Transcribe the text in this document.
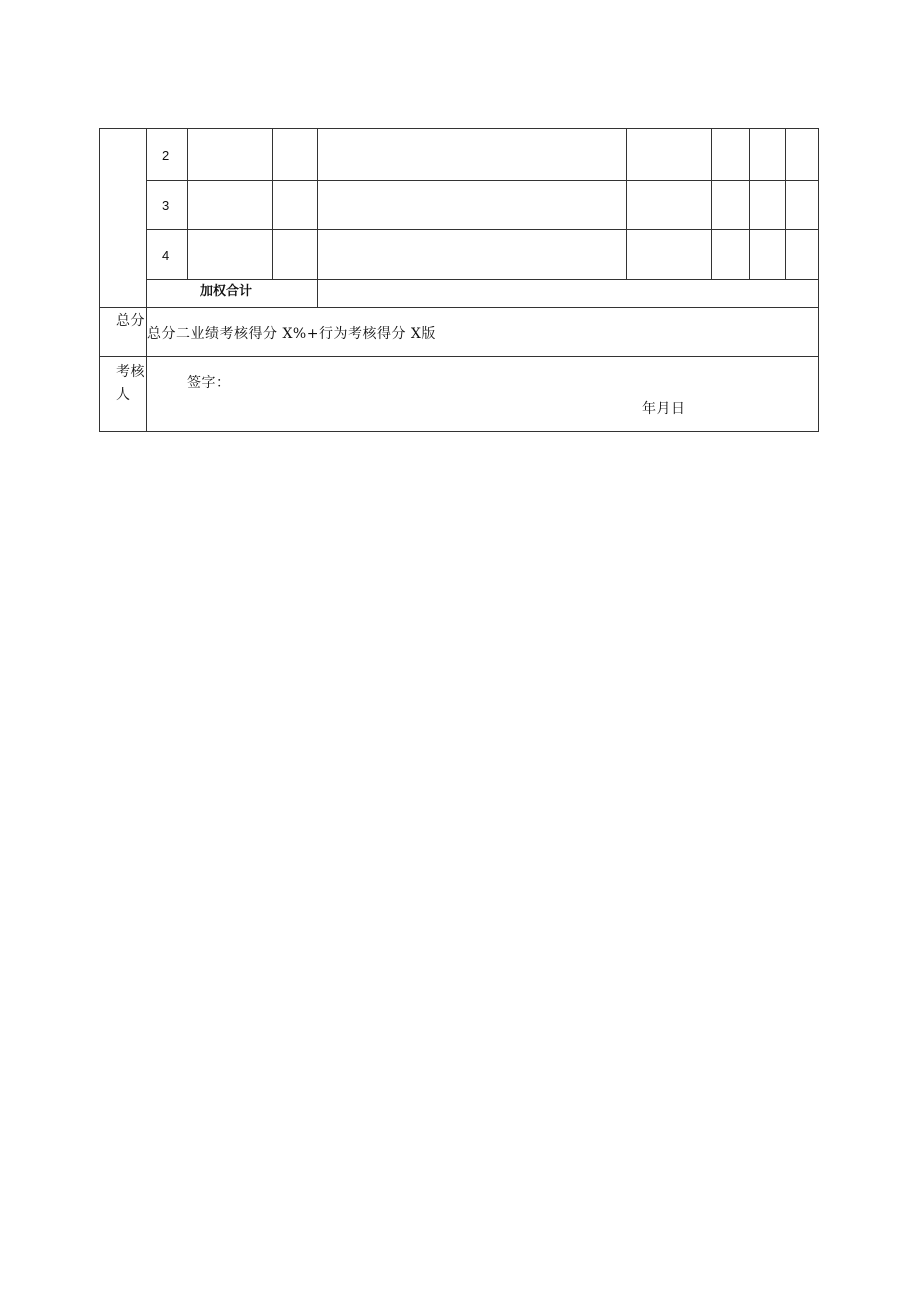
2
3
4
加权合计
总分
总分二业绩考核得分 X%+行为考核得分 X版
考核
人
签字：
年月日
